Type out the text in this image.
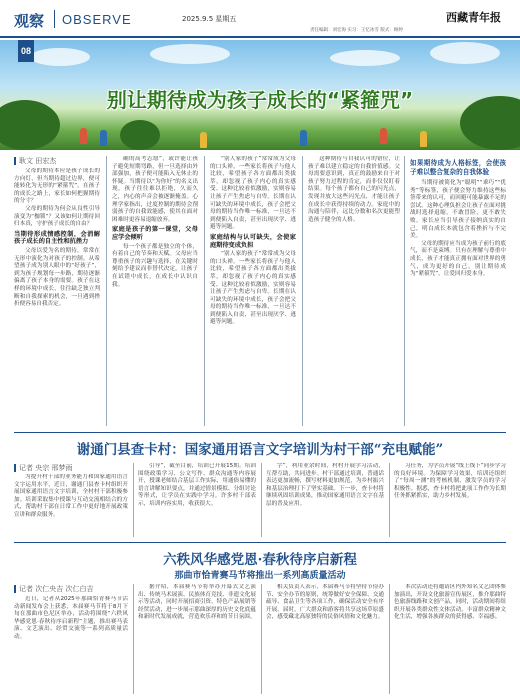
观察 OBSERVE	2025.9.5 星期五	西藏青年报
责任编辑：刘宏海 实习：王忆冰雪 版式：顾婷
别让期待成为孩子成长的“紧箍咒”
08
耿文 田宏杰

父母的期待本应是孩子成长的方向灯，但当期待超过边界，便可能转化为无形的“紧箍咒”。在孩子的成长之路上，家长如何把握期待的分寸？

父母的期待为何会从良性引导演变为“枷锁”？又该如何让期待回归本真，守护孩子成长的自由？

当期待形成情感控制，会消解孩子成长的自主性和抗挫力

父母以爱为名的期待，常常在无形中演化为对孩子的控制。从希望孩子成为别人眼中的“好孩子”，到为孩子规划每一步路，期待逐渐偏离了孩子本身的需要。孩子在这样的环境中成长，往往缺乏独立判断和自我探索的机会，一旦遇到挫折便容易自我否定。

确的高考志愿”，或许能让孩子避免短期弯路，但一旦选择由外部强加，孩子便可能陷入无休止的怀疑。当期待以“为你好”的名义出现，孩子往往难以拒绝，久而久之，内心的声音会被逐渐掩盖。心理学家指出，过度控制的期待会削弱孩子的自我效能感，使其在面对困难时更容易退缩放弃。

家庭是孩子的第一课堂，父母应学会倾听

每一个孩子都是独立的个体，有着自己的节奏和天赋。父母应当尊重孩子的兴趣与选择，在关键时刻给予建议而非替代决定，让孩子在试错中成长，在成长中认识自我。

“别人家的孩子”常常成为父母的口头禅。一些家长将孩子与他人比较，希望孩子各方面都出类拔萃，却忽视了孩子内心的真实感受。这种比较看似激励，实则容易让孩子产生焦虑与自卑。长期在认可缺失的环境中成长，孩子会把父母的期待当作唯一标准，一旦达不到便陷入自责，甚至出现厌学、逃避等问题。

家庭结构与认可缺失，会使家庭期待变成负担

“别人家的孩子”常常成为父母的口头禅。一些家长将孩子与他人比较，希望孩子各方面都出类拔萃，却忽视了孩子内心的真实感受。这种比较看似激励，实则容易让孩子产生焦虑与自卑。长期在认可缺失的环境中成长，孩子会把父母的期待当作唯一标准，一旦达不到便陷入自责，甚至出现厌学、逃避等问题。

这种期待与自我认可的错位，让孩子难以建立稳定的自我价值感。父母需要意识到，真正的鼓励来自于对孩子努力过程的肯定，而非仅仅盯着结果。每个孩子都有自己的闪光点，发现并放大这些闪光点，才能让孩子在成长中获得持续的动力。家庭中的沟通与陪伴，远比分数和名次更能塑造孩子健全的人格。

如果期待成为人格标签，会使孩子难以整合复杂的自我体验

当期待被简化为“聪明”“乖巧”“优秀”等标签，孩子便会努力维持这些标签带来的认可，而回避可能暴露不足的尝试。这种心理负担会让孩子在面对挑战时选择退缩，不敢冒险，更不敢失败。家长应当引导孩子接纳真实的自己，明白成长本就包含着挫折与不完美。

父母的期待应当成为孩子前行的底气，而不是束缚。只有在理解与尊重中成长，孩子才能真正拥有面对世界的勇气，成为更好的自己。别让期待成为“紧箍咒”，让爱回归爱本身。

谢通门县查卡村：国家通用语言文字培训为村干部“充电赋能”
记者 央宗 邢梦雨

为提升村干部的业务能力和国家通用语言文字运用水平，近日，谢通门县查卡村组织开展国家通用语言文字培训，全村村干部积极参加。培训采取集中授课与互动交流相结合的方式，帮助村干部在日常工作中更好地开展政策宣讲和群众服务。

引导”，截至目前，培训已开展15期。培训围绕政策学习、公文写作、群众沟通等内容展开，授课老师结合基层工作实际，用通俗易懂的语言讲解知识要点，并通过情景模拟、分组讨论等形式，让学员在实践中学习。许多村干部表示，培训内容实用，收获很大。

字”，利用业余时间，村村开展学习活动，互帮互助，共同进步。村干部通过培训，普通话表达更加流畅，撰写材料更加规范，为乡村振兴和基层治理打下了坚实基础。下一步，查卡村将继续巩固培训成果，推动国家通用语言文字在基层的普及应用。

习任务，为学员开展“线上线下”同步学习的良好环境。为保障学习效果，培训还组织了“每周一测”的考核机制，激发学员的学习积极性。据悉，查卡村将把此项工作作为长期任务抓紧抓实，助力乡村发展。

六秩风华感党恩·春秋待序启新程
那曲市恰青赛马节将推出一系列高质量活动
记者 次仁央吉 次仁白吉

近日，记者从2025年那曲恰青赛马节活动新闻发布会上获悉，本届赛马节将于8月下旬在那曲市色尼区举办，活动将围绕“六秩风华感党恩·春秋待序启新程”主题，推出赛马表演、文艺演出、经贸交流等一系列高质量活动。

据介绍，本届赛马节将举办开幕式文艺演出、传统马术展演、民族体育竞技、非遗文化展示等活动，同时开展招商引资、特色产品展销等经贸活动，进一步展示那曲深厚的历史文化底蕴和新时代发展成就，营造欢乐祥和的节日氛围。

相关负责人表示，本届赛马节将坚持节俭办节、安全办节的原则，统筹做好安全保障、交通疏导、食品卫生等各项工作，确保活动安全有序开展。届时，广大群众和游客将共享这场草原盛会，感受藏北高原独特的民俗风情和文化魅力。

本次活动还将邀请区内外知名文艺团体参加演出，开设文化旅游宣传展区，推介那曲特色旅游线路和文创产品。同时，活动期间将组织开展各类群众性文体活动，丰富群众精神文化生活，增强各族群众的获得感、幸福感。
